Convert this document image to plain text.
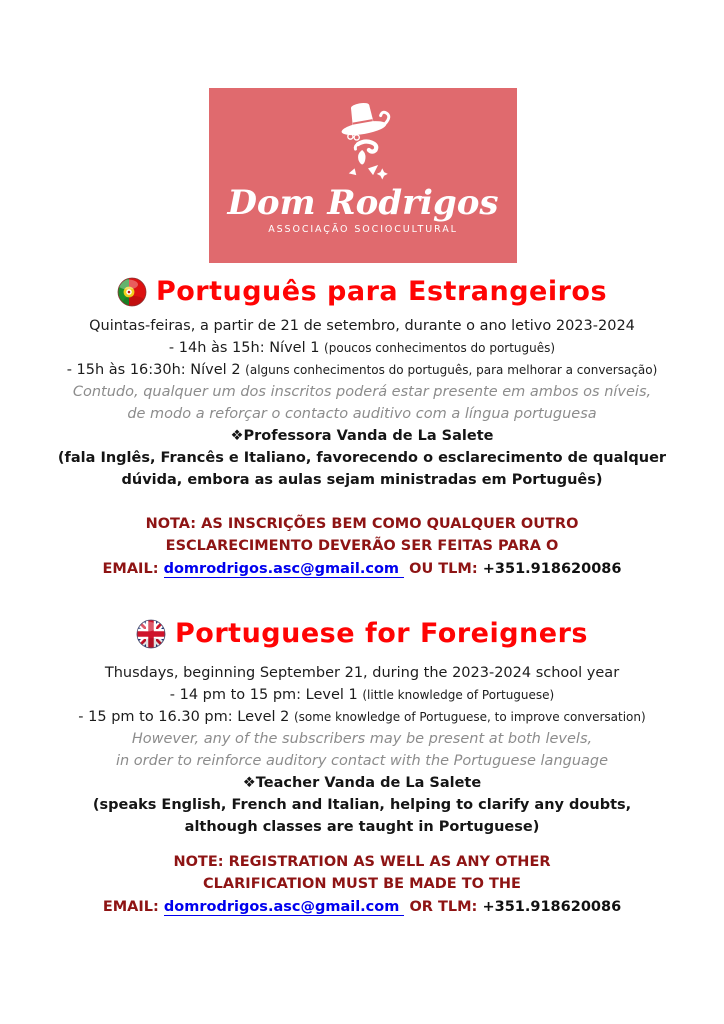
Dom Rodrigos
ASSOCIAÇÃO SOCIOCULTURAL
Português para Estrangeiros
Quintas-feiras, a partir de 21 de setembro, durante o ano letivo 2023-2024
- 14h às 15h: Nível 1 (poucos conhecimentos do português)
- 15h às 16:30h: Nível 2 (alguns conhecimentos do português, para melhorar a conversação)
Contudo, qualquer um dos inscritos poderá estar presente em ambos os níveis,
de modo a reforçar o contacto auditivo com a língua portuguesa
❖Professora Vanda de La Salete
(fala Inglês, Francês e Italiano, favorecendo o esclarecimento de qualquer
dúvida, embora as aulas sejam ministradas em Português)
NOTA: AS INSCRIÇÕES BEM COMO QUALQUER OUTRO
ESCLARECIMENTO DEVERÃO SER FEITAS PARA O
EMAIL: domrodrigos.asc@gmail.com OU TLM: +351.918620086
Portuguese for Foreigners
Thusdays, beginning September 21, during the 2023-2024 school year
- 14 pm to 15 pm: Level 1 (little knowledge of Portuguese)
- 15 pm to 16.30 pm: Level 2 (some knowledge of Portuguese, to improve conversation)
However, any of the subscribers may be present at both levels,
in order to reinforce auditory contact with the Portuguese language
❖Teacher Vanda de La Salete
(speaks English, French and Italian, helping to clarify any doubts,
although classes are taught in Portuguese)
NOTE: REGISTRATION AS WELL AS ANY OTHER
CLARIFICATION MUST BE MADE TO THE
EMAIL: domrodrigos.asc@gmail.com OR TLM: +351.918620086
